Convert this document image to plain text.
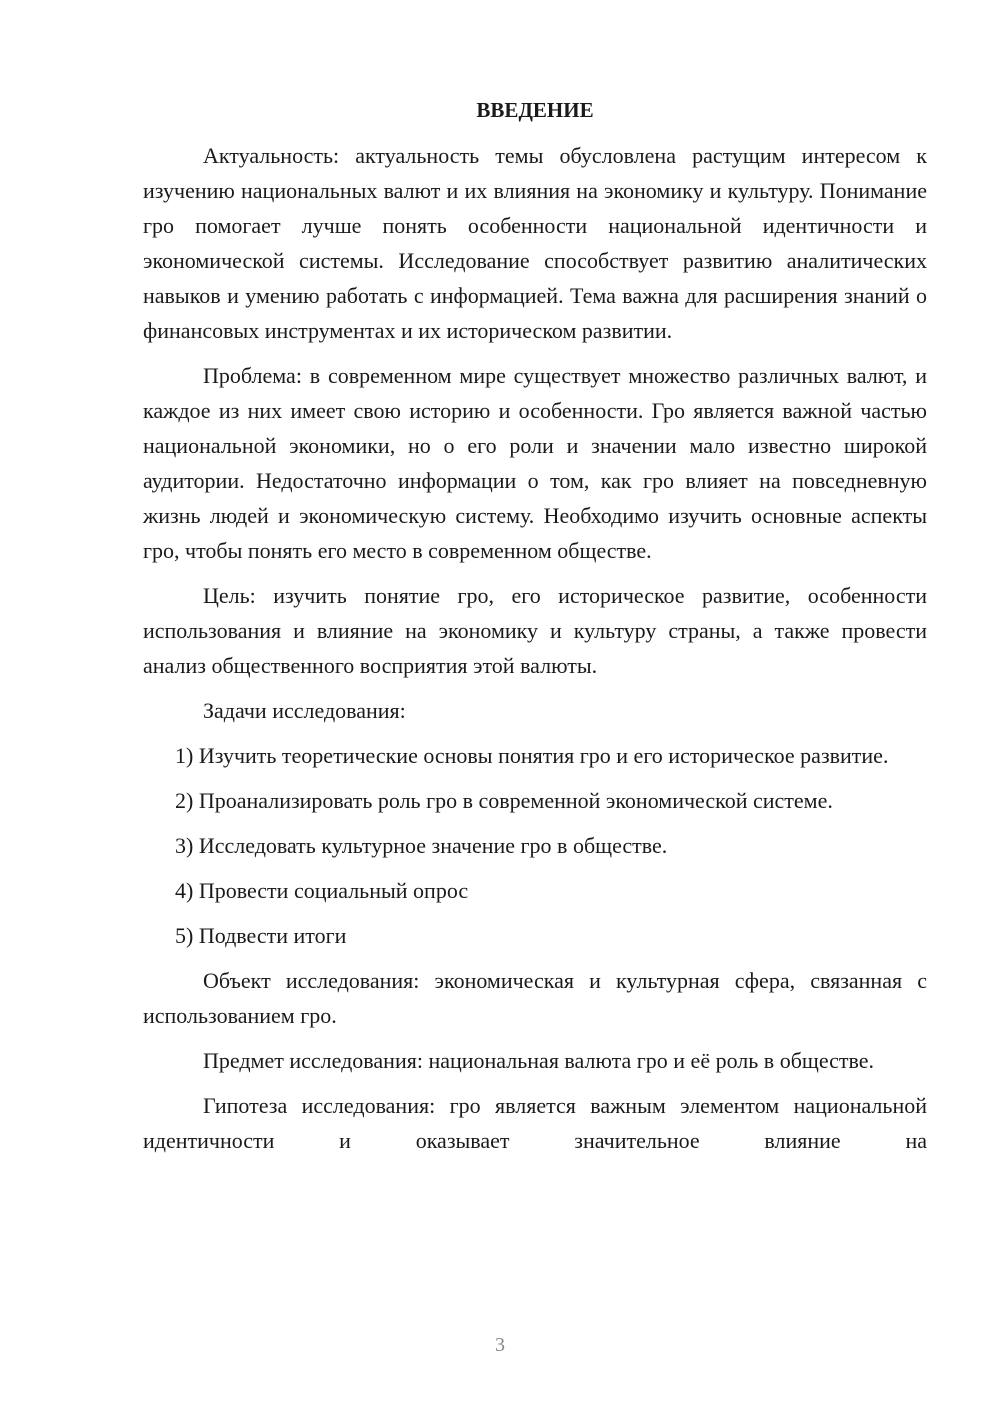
ВВЕДЕНИЕ

Актуальность: актуальность темы обусловлена растущим интересом к изучению национальных валют и их влияния на экономику и культуру. Понимание гро помогает лучше понять особенности национальной идентичности и экономической системы. Исследование способствует развитию аналитических навыков и умению работать с информацией. Тема важна для расширения знаний о финансовых инструментах и их историческом развитии.

Проблема: в современном мире существует множество различных валют, и каждое из них имеет свою историю и особенности. Гро является важной частью национальной экономики, но о его роли и значении мало известно широкой аудитории. Недостаточно информации о том, как гро влияет на повседневную жизнь людей и экономическую систему. Необходимо изучить основные аспекты гро, чтобы понять его место в современном обществе.

Цель: изучить понятие гро, его историческое развитие, особенности использования и влияние на экономику и культуру страны, а также провести анализ общественного восприятия этой валюты.

Задачи исследования:

1) Изучить теоретические основы понятия гро и его историческое развитие.

2) Проанализировать роль гро в современной экономической системе.

3) Исследовать культурное значение гро в обществе.

4) Провести социальный опрос

5) Подвести итоги

Объект исследования: экономическая и культурная сфера, связанная с использованием гро.

Предмет исследования: национальная валюта гро и её роль в обществе.

Гипотеза исследования: гро является важным элементом национальной идентичности и оказывает значительное влияние на

3
